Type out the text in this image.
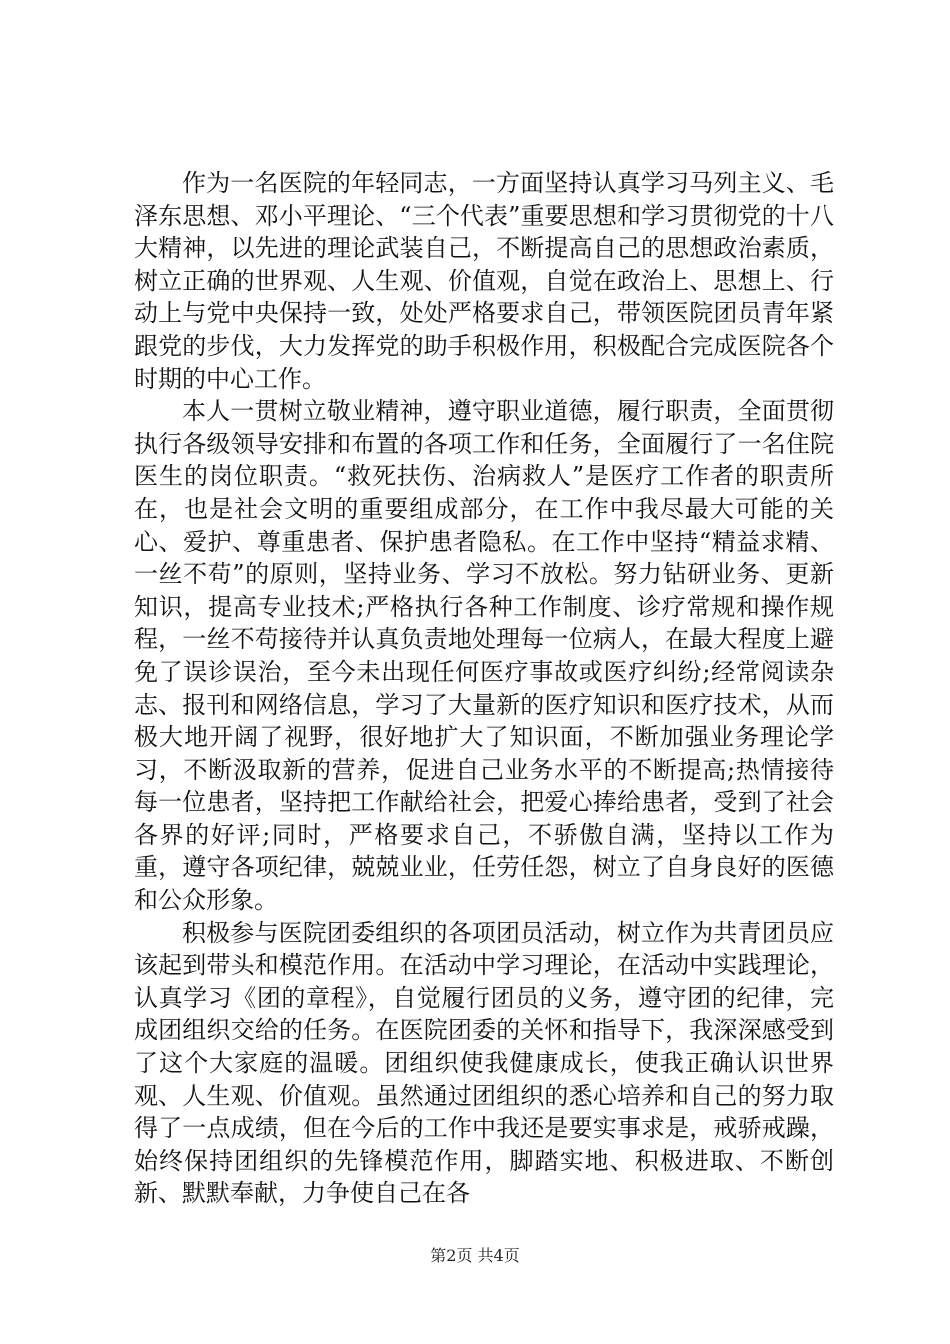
作为一名医院的年轻同志，一方面坚持认真学习马列主义、毛泽东思想、邓小平理论、“三个代表”重要思想和学习贯彻党的十八大精神，以先进的理论武装自己，不断提高自己的思想政治素质，树立正确的世界观、人生观、价值观，自觉在政治上、思想上、行动上与党中央保持一致，处处严格要求自己，带领医院团员青年紧跟党的步伐，大力发挥党的助手积极作用，积极配合完成医院各个时期的中心工作。

本人一贯树立敬业精神，遵守职业道德，履行职责，全面贯彻执行各级领导安排和布置的各项工作和任务，全面履行了一名住院医生的岗位职责。“救死扶伤、治病救人”是医疗工作者的职责所在，也是社会文明的重要组成部分，在工作中我尽最大可能的关心、爱护、尊重患者、保护患者隐私。在工作中坚持“精益求精、一丝不苟”的原则，坚持业务、学习不放松。努力钻研业务、更新知识，提高专业技术;严格执行各种工作制度、诊疗常规和操作规程，一丝不苟接待并认真负责地处理每一位病人，在最大程度上避免了误诊误治，至今未出现任何医疗事故或医疗纠纷;经常阅读杂志、报刊和网络信息，学习了大量新的医疗知识和医疗技术，从而极大地开阔了视野，很好地扩大了知识面，不断加强业务理论学习，不断汲取新的营养，促进自己业务水平的不断提高;热情接待每一位患者，坚持把工作献给社会，把爱心捧给患者，受到了社会各界的好评;同时，严格要求自己，不骄傲自满，坚持以工作为重，遵守各项纪律，兢兢业业，任劳任怨，树立了自身良好的医德和公众形象。

积极参与医院团委组织的各项团员活动，树立作为共青团员应该起到带头和模范作用。在活动中学习理论，在活动中实践理论，认真学习《团的章程》，自觉履行团员的义务，遵守团的纪律，完成团组织交给的任务。在医院团委的关怀和指导下，我深深感受到了这个大家庭的温暖。团组织使我健康成长，使我正确认识世界观、人生观、价值观。虽然通过团组织的悉心培养和自己的努力取得了一点成绩，但在今后的工作中我还是要实事求是，戒骄戒躁，始终保持团组织的先锋模范作用，脚踏实地、积极进取、不断创新、默默奉献，力争使自己在各

第2页 共4页
